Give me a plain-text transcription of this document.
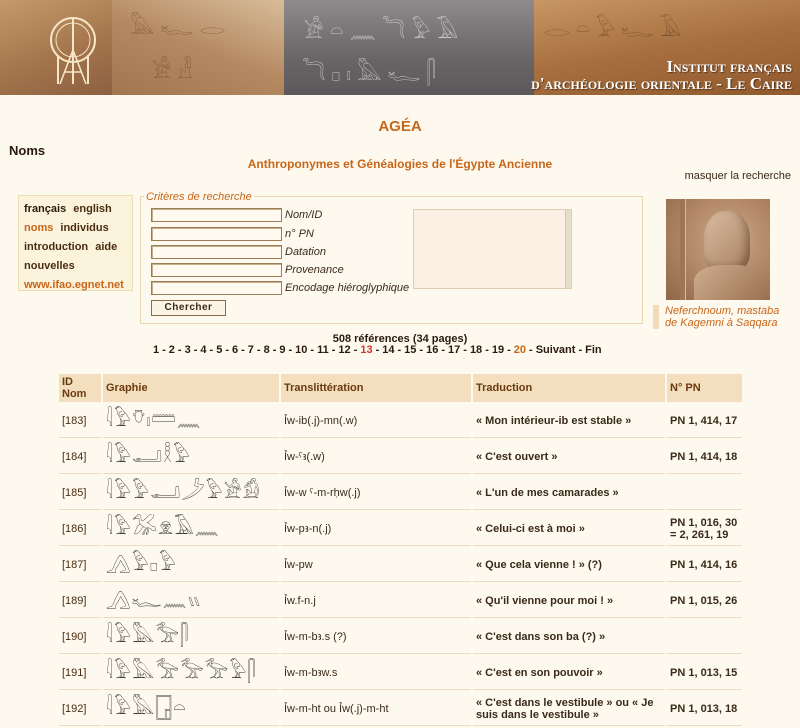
𓅓𓆑𓂋
𓀀𓁐
𓀀𓏏𓈖𓆓𓅱𓄿
𓆓𓊪𓏤𓅓𓆑𓋴
𓂋𓏏𓅱𓆑𓄿
Institut français
d'archéologie orientale - Le Caire
AGÉA
Noms
Anthroponymes et Généalogies de l'Égypte Ancienne
masquer la recherche
français english
noms individus
introduction aide
nouvelles
www.ifao.egnet.net
Critères de recherche
Nom/ID
n° PN
Datation
Provenance
Encodage hiéroglyphique
Chercher	Neferchnoum, mastaba de Kagemni à Saqqara
508 références (34 pages)
1 - 2 - 3 - 4 - 5 - 6 - 7 - 8 - 9 - 10 - 11 - 12 - 13 - 14 - 15 - 16 - 17 - 18 - 19 - 20 - Suivant - Fin
ID Nom	Graphie	Translittération	Traduction	N° PN
[183]	𓇋𓅱𓄣𓏤𓏠𓈖	Ỉw-ib(.j)-mn(.w)	« Mon intérieur-ib est stable »	PN 1, 414, 17
[184]	𓇋𓅱𓂝𓎛𓅱	Ỉw-ˁꜣ(.w)	« C'est ouvert »	PN 1, 414, 18
[185]	𓇋𓅱𓅱𓂝𓌳𓅱𓀀𓀁	Ỉw-w ˁ-m-rḥw(.j)	« L'un de mes camarades »	
[186]	𓇋𓅱𓅮𓁷𓄿𓈖	Ỉw-pꜣ-n(.j)	« Celui-ci est à moi »	PN 1, 016, 30 = 2, 261, 19
[187]	𓂻𓅱𓊪𓅱	Ỉw-pw	« Que cela vienne ! » (?)	PN 1, 414, 16
[189]	𓂻𓆑𓈖𓏭	Ỉw.f-n.j	« Qu'il vienne pour moi ! »	PN 1, 015, 26
[190]	𓇋𓅱𓅓𓅡𓋴	Ỉw-m-bꜣ.s (?)	« C'est dans son ba (?) »	
[191]	𓇋𓅱𓅓𓅡𓅡𓅡𓅱𓋴	Ỉw-m-bꜣw.s	« C'est en son pouvoir »	PN 1, 013, 15
[192]	𓇋𓅱𓅓𓉗𓏏	Ỉw-m-ht ou Ỉw(.j)-m-ht	« C'est dans le vestibule » ou « Je suis dans le vestibule »	PN 1, 013, 18
